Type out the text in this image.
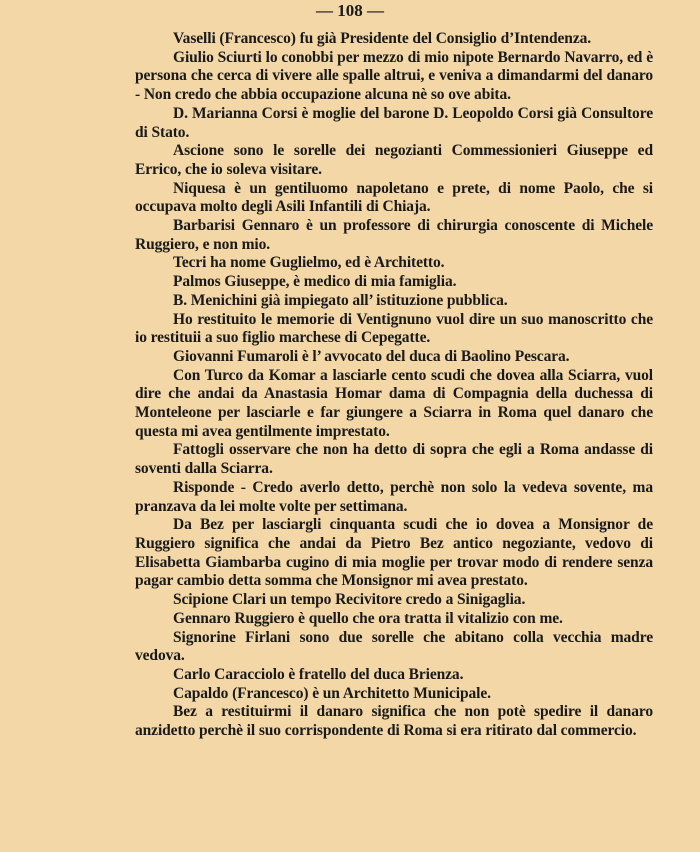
— 108 —

Vaselli (Francesco) fu già Presidente del Consiglio d’Intendenza.

Giulio Sciurti lo conobbi per mezzo di mio nipote Bernardo Navarro, ed è persona che cerca di vivere alle spalle altrui, e veniva a dimandarmi del danaro - Non credo che abbia occupazione alcuna nè so ove abita.

D. Marianna Corsi è moglie del barone D. Leopoldo Corsi già Consultore di Stato.

Ascione sono le sorelle dei negozianti Commessionieri Giuseppe ed Errico, che io soleva visitare.

Niquesa è un gentiluomo napoletano e prete, di nome Paolo, che si occupava molto degli Asili Infantili di Chiaja.

Barbarisi Gennaro è un professore di chirurgia conoscente di Michele Ruggiero, e non mio.

Tecri ha nome Guglielmo, ed è Architetto.

Palmos Giuseppe, è medico di mia famiglia.

B. Menichini già impiegato all’ istituzione pubblica.

Ho restituito le memorie di Ventignuno vuol dire un suo manoscritto che io restituii a suo figlio marchese di Cepegatte.

Giovanni Fumaroli è l’ avvocato del duca di Baolino Pescara.

Con Turco da Komar a lasciarle cento scudi che dovea alla Sciarra, vuol dire che andai da Anastasia Homar dama di Compagnia della duchessa di Monteleone per lasciarle e far giungere a Sciarra in Roma quel danaro che questa mi avea gentilmente imprestato.

Fattogli osservare che non ha detto di sopra che egli a Roma andasse di soventi dalla Sciarra.

Risponde - Credo averlo detto, perchè non solo la vedeva sovente, ma pranzava da lei molte volte per settimana.

Da Bez per lasciargli cinquanta scudi che io dovea a Monsignor de Ruggiero significa che andai da Pietro Bez antico negoziante, vedovo di Elisabetta Giambarba cugino di mia moglie per trovar modo di rendere senza pagar cambio detta somma che Monsignor mi avea prestato.

Scipione Clari un tempo Recivitore credo a Sinigaglia.

Gennaro Ruggiero è quello che ora tratta il vitalizio con me.

Signorine Firlani sono due sorelle che abitano colla vecchia madre vedova.

Carlo Caracciolo è fratello del duca Brienza.

Capaldo (Francesco) è un Architetto Municipale.

Bez a restituirmi il danaro significa che non potè spedire il danaro anzidetto perchè il suo corrispondente di Roma si era ritirato dal commercio.
